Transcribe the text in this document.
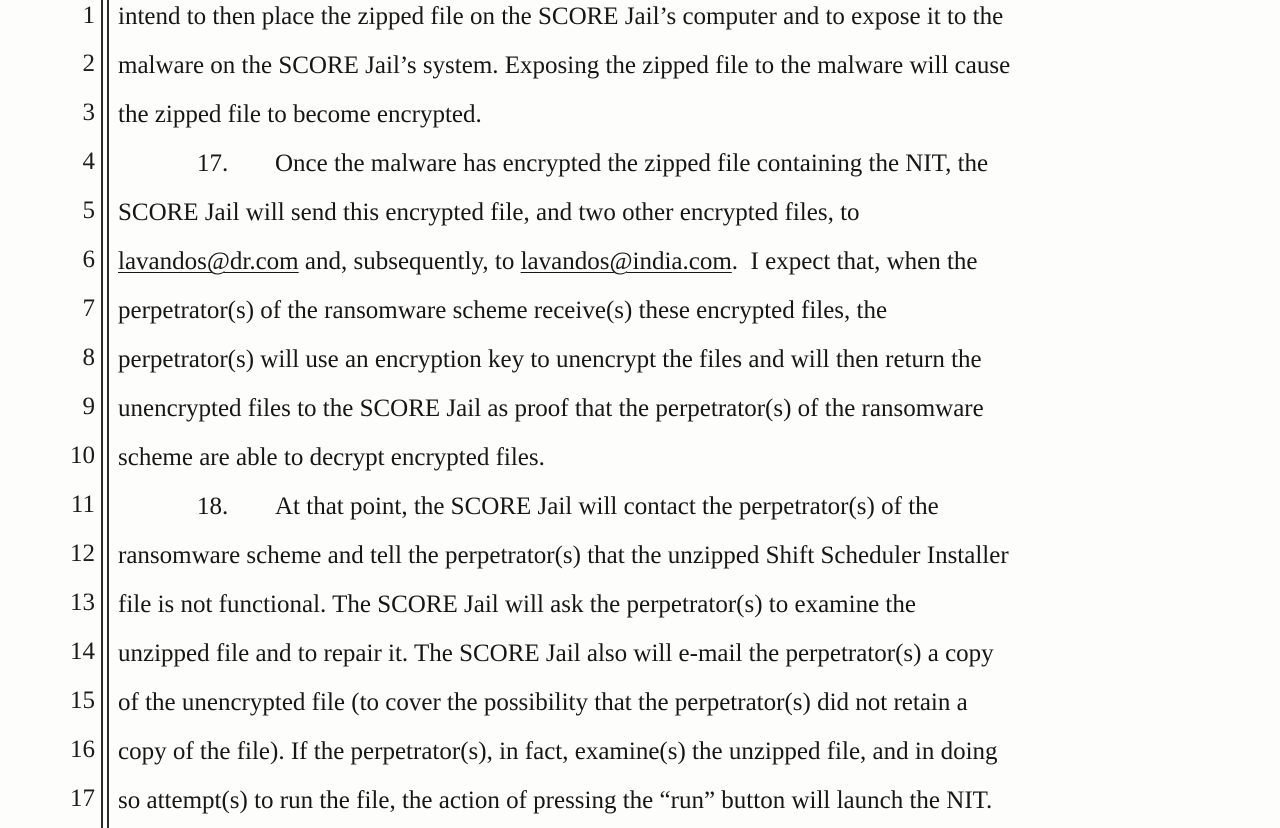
1
2
3
4
5
6
7
8
9
10
11
12
13
14
15
16
17
intend to then place the zipped file on the SCORE Jail’s computer and to expose it to the
malware on the SCORE Jail’s system. Exposing the zipped file to the malware will cause
the zipped file to become encrypted.
17. Once the malware has encrypted the zipped file containing the NIT, the
SCORE Jail will send this encrypted file, and two other encrypted files, to
lavandos@dr.com and, subsequently, to lavandos@india.com.  I expect that, when the
perpetrator(s) of the ransomware scheme receive(s) these encrypted files, the
perpetrator(s) will use an encryption key to unencrypt the files and will then return the
unencrypted files to the SCORE Jail as proof that the perpetrator(s) of the ransomware
scheme are able to decrypt encrypted files.
18. At that point, the SCORE Jail will contact the perpetrator(s) of the
ransomware scheme and tell the perpetrator(s) that the unzipped Shift Scheduler Installer
file is not functional. The SCORE Jail will ask the perpetrator(s) to examine the
unzipped file and to repair it. The SCORE Jail also will e-mail the perpetrator(s) a copy
of the unencrypted file (to cover the possibility that the perpetrator(s) did not retain a
copy of the file). If the perpetrator(s), in fact, examine(s) the unzipped file, and in doing
so attempt(s) to run the file, the action of pressing the “run” button will launch the NIT.
